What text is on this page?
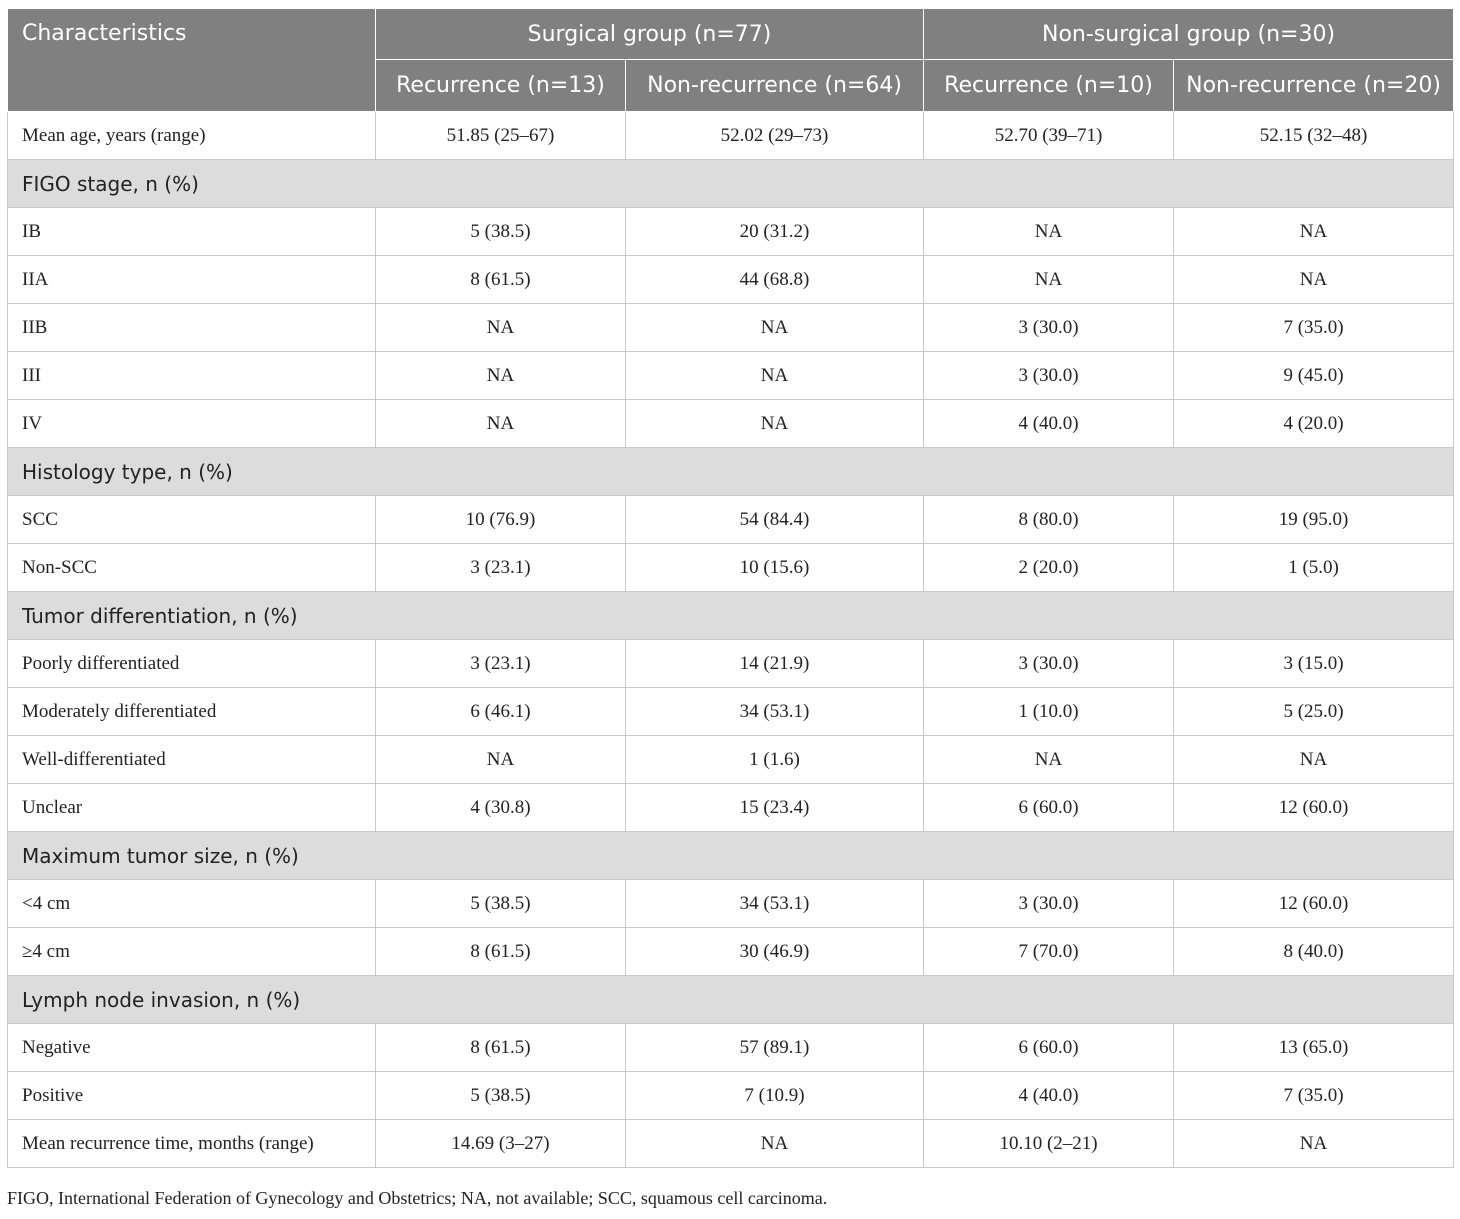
Characteristics	Surgical group (n=77)		Non-surgical group (n=30)	
	Recurrence (n=13)	Non-recurrence (n=64)	Recurrence (n=10)	Non-recurrence (n=20)
Mean age, years (range)	51.85 (25–67)	52.02 (29–73)	52.70 (39–71)	52.15 (32–48)
FIGO stage, n (%)				
IB	5 (38.5)	20 (31.2)	NA	NA
IIA	8 (61.5)	44 (68.8)	NA	NA
IIB	NA	NA	3 (30.0)	7 (35.0)
III	NA	NA	3 (30.0)	9 (45.0)
IV	NA	NA	4 (40.0)	4 (20.0)
Histology type, n (%)				
SCC	10 (76.9)	54 (84.4)	8 (80.0)	19 (95.0)
Non-SCC	3 (23.1)	10 (15.6)	2 (20.0)	1 (5.0)
Tumor differentiation, n (%)				
Poorly differentiated	3 (23.1)	14 (21.9)	3 (30.0)	3 (15.0)
Moderately differentiated	6 (46.1)	34 (53.1)	1 (10.0)	5 (25.0)
Well-differentiated	NA	1 (1.6)	NA	NA
Unclear	4 (30.8)	15 (23.4)	6 (60.0)	12 (60.0)
Maximum tumor size, n (%)				
<4 cm	5 (38.5)	34 (53.1)	3 (30.0)	12 (60.0)
≥4 cm	8 (61.5)	30 (46.9)	7 (70.0)	8 (40.0)
Lymph node invasion, n (%)				
Negative	8 (61.5)	57 (89.1)	6 (60.0)	13 (65.0)
Positive	5 (38.5)	7 (10.9)	4 (40.0)	7 (35.0)
Mean recurrence time, months (range)	14.69 (3–27)	NA	10.10 (2–21)	NA

FIGO, International Federation of Gynecology and Obstetrics; NA, not available; SCC, squamous cell carcinoma.
